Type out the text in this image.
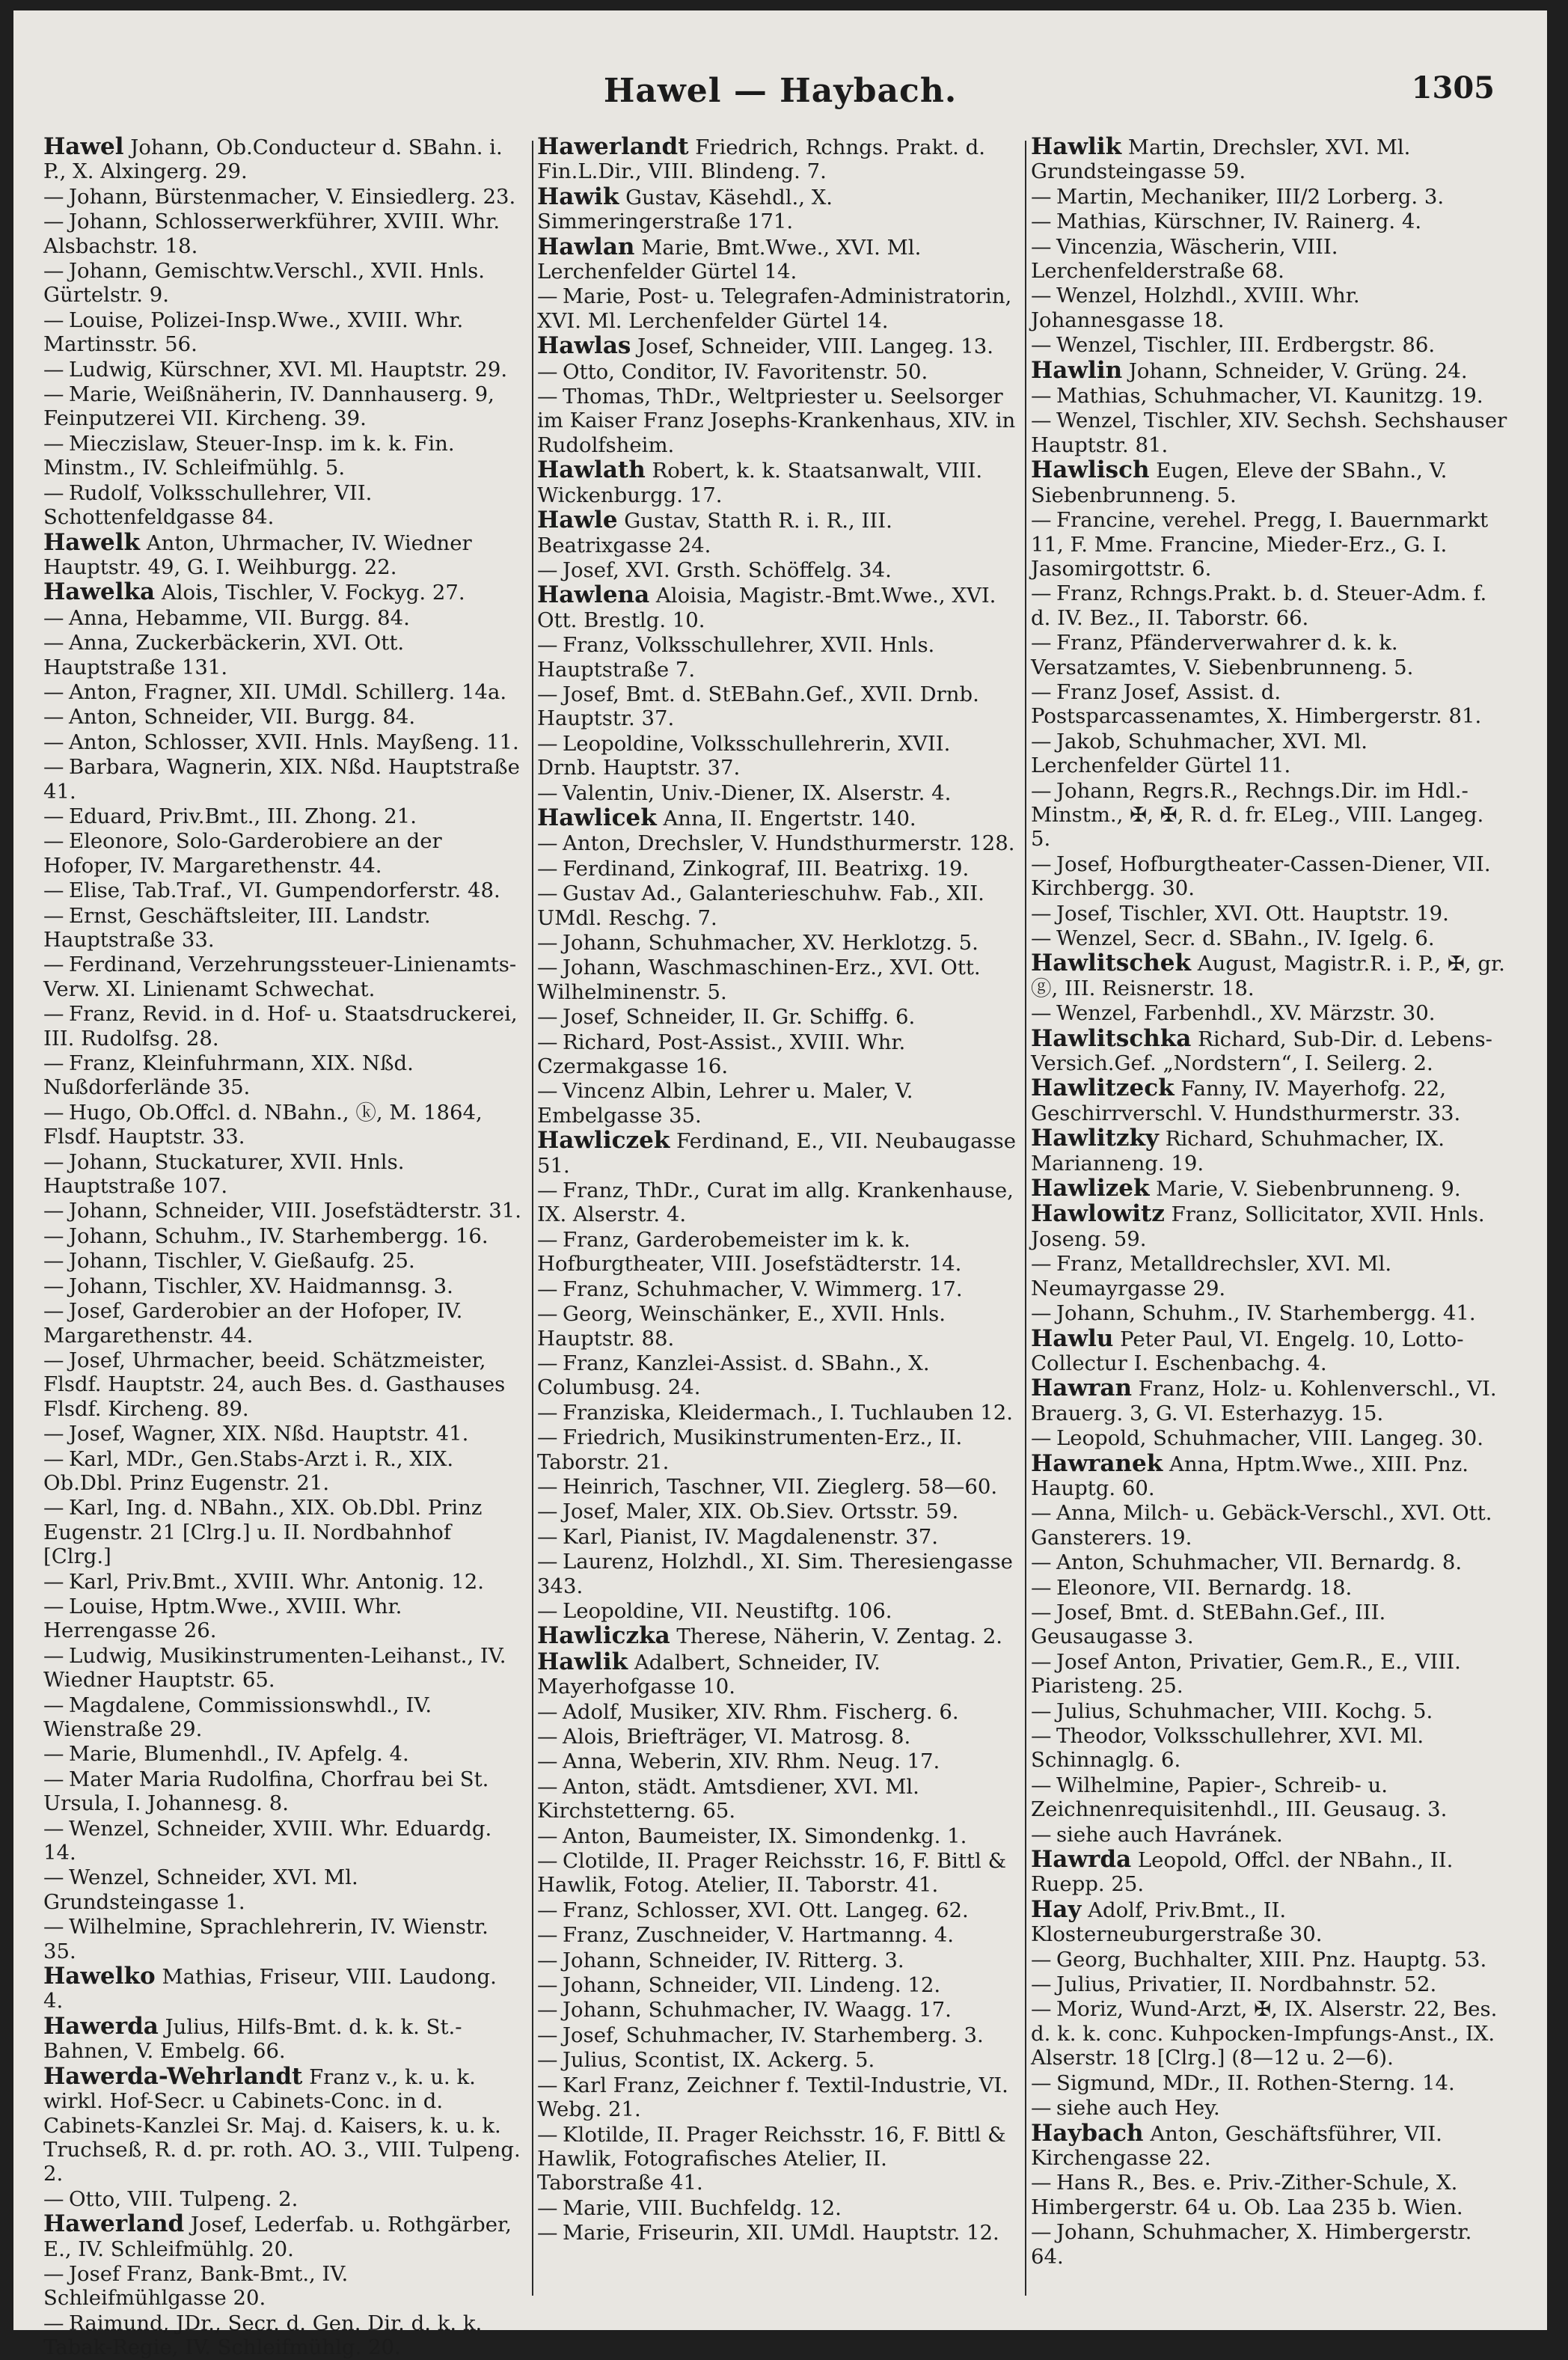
Hawel — Haybach.	1305
Hawel Johann, Ob.Conducteur d. SBahn. i. P., X. Alxingerg. 29.
— Johann, Bürstenmacher, V. Einsiedlerg. 23.
— Johann, Schlosserwerkführer, XVIII. Whr. Alsbachstr. 18.
— Johann, Gemischtw.Verschl., XVII. Hnls. Gürtelstr. 9.
— Louise, Polizei-Insp.Wwe., XVIII. Whr. Martinsstr. 56.
— Ludwig, Kürschner, XVI. Ml. Hauptstr. 29.
— Marie, Weißnäherin, IV. Dannhauserg. 9, Feinputzerei VII. Kircheng. 39.
— Mieczislaw, Steuer-Insp. im k. k. Fin. Minstm., IV. Schleifmühlg. 5.
— Rudolf, Volksschullehrer, VII. Schottenfeldgasse 84.
Hawelk Anton, Uhrmacher, IV. Wiedner Hauptstr. 49, G. I. Weihburgg. 22.
Hawelka Alois, Tischler, V. Fockyg. 27.
— Anna, Hebamme, VII. Burgg. 84.
— Anna, Zuckerbäckerin, XVI. Ott. Hauptstraße 131.
— Anton, Fragner, XII. UMdl. Schillerg. 14a.
— Anton, Schneider, VII. Burgg. 84.
— Anton, Schlosser, XVII. Hnls. Mayßeng. 11.
— Barbara, Wagnerin, XIX. Nßd. Hauptstraße 41.
— Eduard, Priv.Bmt., III. Zhong. 21.
— Eleonore, Solo-Garderobiere an der Hofoper, IV. Margarethenstr. 44.
— Elise, Tab.Traf., VI. Gumpendorferstr. 48.
— Ernst, Geschäftsleiter, III. Landstr. Hauptstraße 33.
— Ferdinand, Verzehrungssteuer-Linienamts-Verw. XI. Linienamt Schwechat.
— Franz, Revid. in d. Hof- u. Staatsdruckerei, III. Rudolfsg. 28.
— Franz, Kleinfuhrmann, XIX. Nßd. Nußdorferlände 35.
— Hugo, Ob.Offcl. d. NBahn., ⓚ, M. 1864, Flsdf. Hauptstr. 33.
— Johann, Stuckaturer, XVII. Hnls. Hauptstraße 107.
— Johann, Schneider, VIII. Josefstädterstr. 31.
— Johann, Schuhm., IV. Starhembergg. 16.
— Johann, Tischler, V. Gießaufg. 25.
— Johann, Tischler, XV. Haidmannsg. 3.
— Josef, Garderobier an der Hofoper, IV. Margarethenstr. 44.
— Josef, Uhrmacher, beeid. Schätzmeister, Flsdf. Hauptstr. 24, auch Bes. d. Gasthauses Flsdf. Kircheng. 89.
— Josef, Wagner, XIX. Nßd. Hauptstr. 41.
— Karl, MDr., Gen.Stabs-Arzt i. R., XIX. Ob.Dbl. Prinz Eugenstr. 21.
— Karl, Ing. d. NBahn., XIX. Ob.Dbl. Prinz Eugenstr. 21 [Clrg.] u. II. Nordbahnhof [Clrg.]
— Karl, Priv.Bmt., XVIII. Whr. Antonig. 12.
— Louise, Hptm.Wwe., XVIII. Whr. Herrengasse 26.
— Ludwig, Musikinstrumenten-Leihanst., IV. Wiedner Hauptstr. 65.
— Magdalene, Commissionswhdl., IV. Wienstraße 29.
— Marie, Blumenhdl., IV. Apfelg. 4.
— Mater Maria Rudolfina, Chorfrau bei St. Ursula, I. Johannesg. 8.
— Wenzel, Schneider, XVIII. Whr. Eduardg. 14.
— Wenzel, Schneider, XVI. Ml. Grundsteingasse 1.
— Wilhelmine, Sprachlehrerin, IV. Wienstr. 35.
Hawelko Mathias, Friseur, VIII. Laudong. 4.
Hawerda Julius, Hilfs-Bmt. d. k. k. St.-Bahnen, V. Embelg. 66.
Hawerda-Wehrlandt Franz v., k. u. k. wirkl. Hof-Secr. u Cabinets-Conc. in d. Cabinets-Kanzlei Sr. Maj. d. Kaisers, k. u. k. Truchseß, R. d. pr. roth. AO. 3., VIII. Tulpeng. 2.
— Otto, VIII. Tulpeng. 2.
Hawerland Josef, Lederfab. u. Rothgärber, E., IV. Schleifmühlg. 20.
— Josef Franz, Bank-Bmt., IV. Schleifmühlgasse 20.
— Raimund, JDr., Secr. d. Gen. Dir. d. k. k. Tabak-Regie, IV. Schleifmühlg. 20.
Hawerlandt Friedrich, Rchngs. Prakt. d. Fin.L.Dir., VIII. Blindeng. 7.
Hawik Gustav, Käsehdl., X. Simmeringerstraße 171.
Hawlan Marie, Bmt.Wwe., XVI. Ml. Lerchenfelder Gürtel 14.
— Marie, Post- u. Telegrafen-Administratorin, XVI. Ml. Lerchenfelder Gürtel 14.
Hawlas Josef, Schneider, VIII. Langeg. 13.
— Otto, Conditor, IV. Favoritenstr. 50.
— Thomas, ThDr., Weltpriester u. Seelsorger im Kaiser Franz Josephs-Krankenhaus, XIV. in Rudolfsheim.
Hawlath Robert, k. k. Staatsanwalt, VIII. Wickenburgg. 17.
Hawle Gustav, Statth R. i. R., III. Beatrixgasse 24.
— Josef, XVI. Grsth. Schöffelg. 34.
Hawlena Aloisia, Magistr.-Bmt.Wwe., XVI. Ott. Brestlg. 10.
— Franz, Volksschullehrer, XVII. Hnls. Hauptstraße 7.
— Josef, Bmt. d. StEBahn.Gef., XVII. Drnb. Hauptstr. 37.
— Leopoldine, Volksschullehrerin, XVII. Drnb. Hauptstr. 37.
— Valentin, Univ.-Diener, IX. Alserstr. 4.
Hawlicek Anna, II. Engertstr. 140.
— Anton, Drechsler, V. Hundsthurmerstr. 128.
— Ferdinand, Zinkograf, III. Beatrixg. 19.
— Gustav Ad., Galanterieschuhw. Fab., XII. UMdl. Reschg. 7.
— Johann, Schuhmacher, XV. Herklotzg. 5.
— Johann, Waschmaschinen-Erz., XVI. Ott. Wilhelminenstr. 5.
— Josef, Schneider, II. Gr. Schiffg. 6.
— Richard, Post-Assist., XVIII. Whr. Czermakgasse 16.
— Vincenz Albin, Lehrer u. Maler, V. Embelgasse 35.
Hawliczek Ferdinand, E., VII. Neubaugasse 51.
— Franz, ThDr., Curat im allg. Krankenhause, IX. Alserstr. 4.
— Franz, Garderobemeister im k. k. Hofburgtheater, VIII. Josefstädterstr. 14.
— Franz, Schuhmacher, V. Wimmerg. 17.
— Georg, Weinschänker, E., XVII. Hnls. Hauptstr. 88.
— Franz, Kanzlei-Assist. d. SBahn., X. Columbusg. 24.
— Franziska, Kleidermach., I. Tuchlauben 12.
— Friedrich, Musikinstrumenten-Erz., II. Taborstr. 21.
— Heinrich, Taschner, VII. Zieglerg. 58—60.
— Josef, Maler, XIX. Ob.Siev. Ortsstr. 59.
— Karl, Pianist, IV. Magdalenenstr. 37.
— Laurenz, Holzhdl., XI. Sim. Theresiengasse 343.
— Leopoldine, VII. Neustiftg. 106.
Hawliczka Therese, Näherin, V. Zentag. 2.
Hawlik Adalbert, Schneider, IV. Mayerhofgasse 10.
— Adolf, Musiker, XIV. Rhm. Fischerg. 6.
— Alois, Briefträger, VI. Matrosg. 8.
— Anna, Weberin, XIV. Rhm. Neug. 17.
— Anton, städt. Amtsdiener, XVI. Ml. Kirchstetterng. 65.
— Anton, Baumeister, IX. Simondenkg. 1.
— Clotilde, II. Prager Reichsstr. 16, F. Bittl & Hawlik, Fotog. Atelier, II. Taborstr. 41.
— Franz, Schlosser, XVI. Ott. Langeg. 62.
— Franz, Zuschneider, V. Hartmanng. 4.
— Johann, Schneider, IV. Ritterg. 3.
— Johann, Schneider, VII. Lindeng. 12.
— Johann, Schuhmacher, IV. Waagg. 17.
— Josef, Schuhmacher, IV. Starhemberg. 3.
— Julius, Scontist, IX. Ackerg. 5.
— Karl Franz, Zeichner f. Textil-Industrie, VI. Webg. 21.
— Klotilde, II. Prager Reichsstr. 16, F. Bittl & Hawlik, Fotografisches Atelier, II. Taborstraße 41.
— Marie, VIII. Buchfeldg. 12.
— Marie, Friseurin, XII. UMdl. Hauptstr. 12.
Hawlik Martin, Drechsler, XVI. Ml. Grundsteingasse 59.
— Martin, Mechaniker, III/2 Lorberg. 3.
— Mathias, Kürschner, IV. Rainerg. 4.
— Vincenzia, Wäscherin, VIII. Lerchenfelderstraße 68.
— Wenzel, Holzhdl., XVIII. Whr. Johannesgasse 18.
— Wenzel, Tischler, III. Erdbergstr. 86.
Hawlin Johann, Schneider, V. Grüng. 24.
— Mathias, Schuhmacher, VI. Kaunitzg. 19.
— Wenzel, Tischler, XIV. Sechsh. Sechshauser Hauptstr. 81.
Hawlisch Eugen, Eleve der SBahn., V. Siebenbrunneng. 5.
— Francine, verehel. Pregg, I. Bauernmarkt 11, F. Mme. Francine, Mieder-Erz., G. I. Jasomirgottstr. 6.
— Franz, Rchngs.Prakt. b. d. Steuer-Adm. f. d. IV. Bez., II. Taborstr. 66.
— Franz, Pfänderverwahrer d. k. k. Versatzamtes, V. Siebenbrunneng. 5.
— Franz Josef, Assist. d. Postsparcassenamtes, X. Himbergerstr. 81.
— Jakob, Schuhmacher, XVI. Ml. Lerchenfelder Gürtel 11.
— Johann, Regrs.R., Rechngs.Dir. im Hdl.-Minstm., ✠, ✠, R. d. fr. ELeg., VIII. Langeg. 5.
— Josef, Hofburgtheater-Cassen-Diener, VII. Kirchbergg. 30.
— Josef, Tischler, XVI. Ott. Hauptstr. 19.
— Wenzel, Secr. d. SBahn., IV. Igelg. 6.
Hawlitschek August, Magistr.R. i. P., ✠, gr. ⓖ, III. Reisnerstr. 18.
— Wenzel, Farbenhdl., XV. Märzstr. 30.
Hawlitschka Richard, Sub-Dir. d. Lebens-Versich.Gef. „Nordstern“, I. Seilerg. 2.
Hawlitzeck Fanny, IV. Mayerhofg. 22, Geschirrverschl. V. Hundsthurmerstr. 33.
Hawlitzky Richard, Schuhmacher, IX. Mariannеng. 19.
Hawlizek Marie, V. Siebenbrunneng. 9.
Hawlowitz Franz, Sollicitator, XVII. Hnls. Joseng. 59.
— Franz, Metalldrechsler, XVI. Ml. Neumayrgasse 29.
— Johann, Schuhm., IV. Starhembergg. 41.
Hawlu Peter Paul, VI. Engelg. 10, Lotto-Collectur I. Eschenbachg. 4.
Hawran Franz, Holz- u. Kohlenverschl., VI. Brauerg. 3, G. VI. Esterhazyg. 15.
— Leopold, Schuhmacher, VIII. Langeg. 30.
Hawranek Anna, Hptm.Wwe., XIII. Pnz. Hauptg. 60.
— Anna, Milch- u. Gebäck-Verschl., XVI. Ott. Gansterers. 19.
— Anton, Schuhmacher, VII. Bernardg. 8.
— Eleonore, VII. Bernardg. 18.
— Josef, Bmt. d. StEBahn.Gef., III. Geusaugasse 3.
— Josef Anton, Privatier, Gem.R., E., VIII. Piaristeng. 25.
— Julius, Schuhmacher, VIII. Kochg. 5.
— Theodor, Volksschullehrer, XVI. Ml. Schinnaglg. 6.
— Wilhelmine, Papier-, Schreib- u. Zeichnenrequisitenhdl., III. Geusaug. 3.
— siehe auch Havránek.
Hawrda Leopold, Offcl. der NBahn., II. Ruepp. 25.
Hay Adolf, Priv.Bmt., II. Klosterneuburgerstraße 30.
— Georg, Buchhalter, XIII. Pnz. Hauptg. 53.
— Julius, Privatier, II. Nordbahnstr. 52.
— Moriz, Wund-Arzt, ✠, IX. Alserstr. 22, Bes. d. k. k. conc. Kuhpocken-Impfungs-Anst., IX. Alserstr. 18 [Clrg.] (8—12 u. 2—6).
— Sigmund, MDr., II. Rothen-Sterng. 14.
— siehe auch Hey.
Haybach Anton, Geschäftsführer, VII. Kirchengasse 22.
— Hans R., Bes. e. Priv.-Zither-Schule, X. Himbergerstr. 64 u. Ob. Laa 235 b. Wien.
— Johann, Schuhmacher, X. Himbergerstr. 64.
